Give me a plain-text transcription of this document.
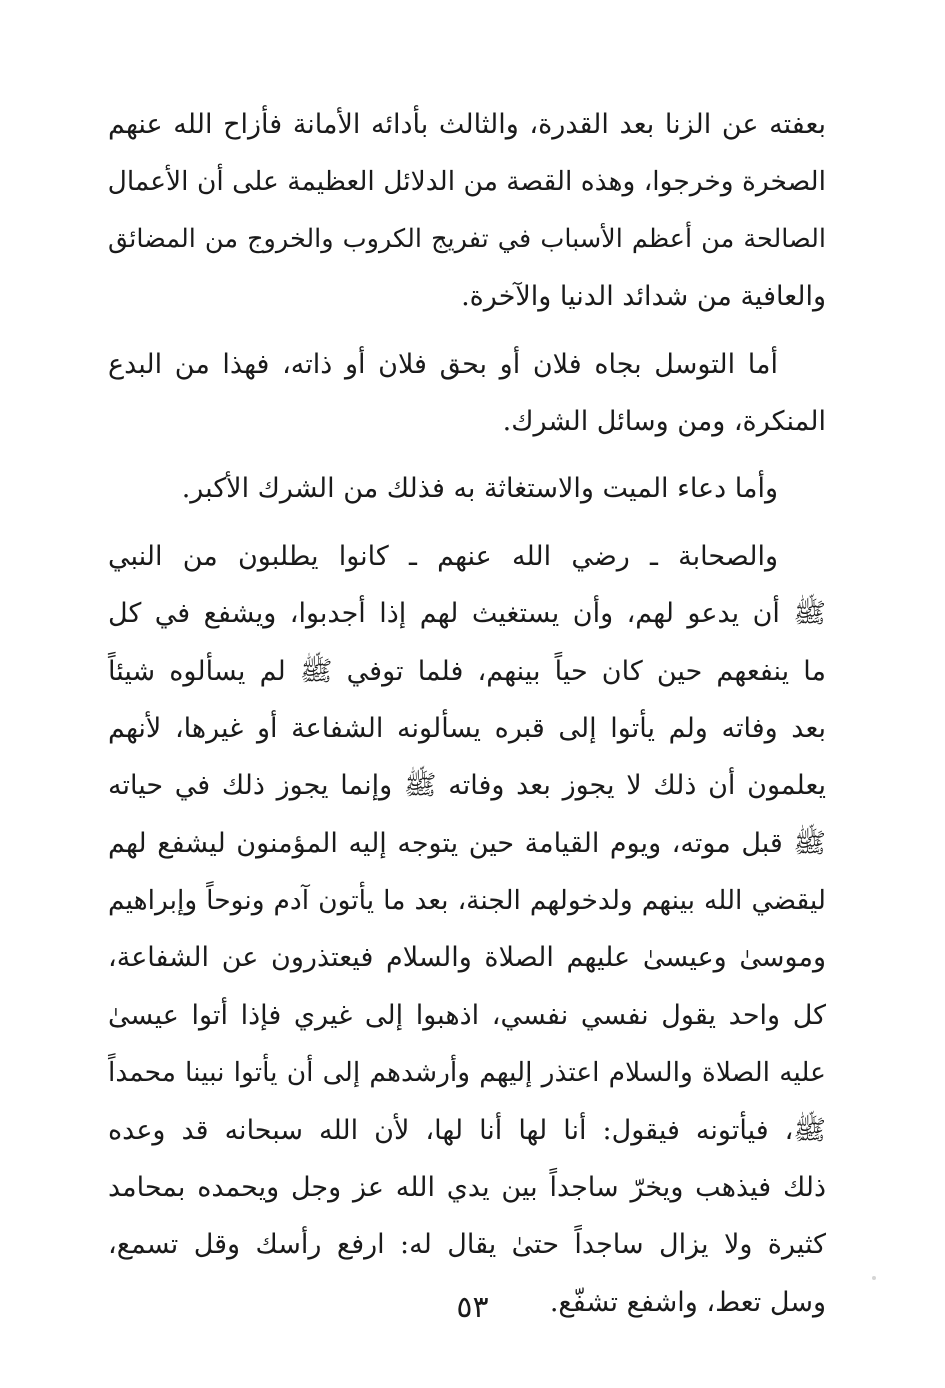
بعفته عن الزنا بعد القدرة، والثالث بأدائه الأمانة فأزاح الله عنهم
الصخرة وخرجوا، وهذه القصة من الدلائل العظيمة على أن الأعمال
الصالحة من أعظم الأسباب في تفريج الكروب والخروج من المضائق
والعافية من شدائد الدنيا والآخرة.
أما التوسل بجاه فلان أو بحق فلان أو ذاته، فهذا من البدع
المنكرة، ومن وسائل الشرك.
وأما دعاء الميت والاستغاثة به فذلك من الشرك الأكبر.
والصحابة ـ رضي الله عنهم ـ كانوا يطلبون من النبي
ﷺ أن يدعو لهم، وأن يستغيث لهم إذا أجدبوا، ويشفع في كل
ما ينفعهم حين كان حياً بينهم، فلما توفي ﷺ لم يسألوه شيئاً
بعد وفاته ولم يأتوا إلى قبره يسألونه الشفاعة أو غيرها، لأنهم
يعلمون أن ذلك لا يجوز بعد وفاته ﷺ وإنما يجوز ذلك في حياته
ﷺ قبل موته، ويوم القيامة حين يتوجه إليه المؤمنون ليشفع لهم
ليقضي الله بينهم ولدخولهم الجنة، بعد ما يأتون آدم ونوحاً وإبراهيم
وموسىٰ وعيسىٰ عليهم الصلاة والسلام فيعتذرون عن الشفاعة،
كل واحد يقول نفسي نفسي، اذهبوا إلى غيري فإذا أتوا عيسىٰ
عليه الصلاة والسلام اعتذر إليهم وأرشدهم إلى أن يأتوا نبينا محمداً
ﷺ، فيأتونه فيقول: أنا لها أنا لها، لأن الله سبحانه قد وعده
ذلك فيذهب ويخرّ ساجداً بين يدي الله عز وجل ويحمده بمحامد
كثيرة ولا يزال ساجداً حتىٰ يقال له: ارفع رأسك وقل تسمع،
وسل تعط، واشفع تشفّع.
٥٣
